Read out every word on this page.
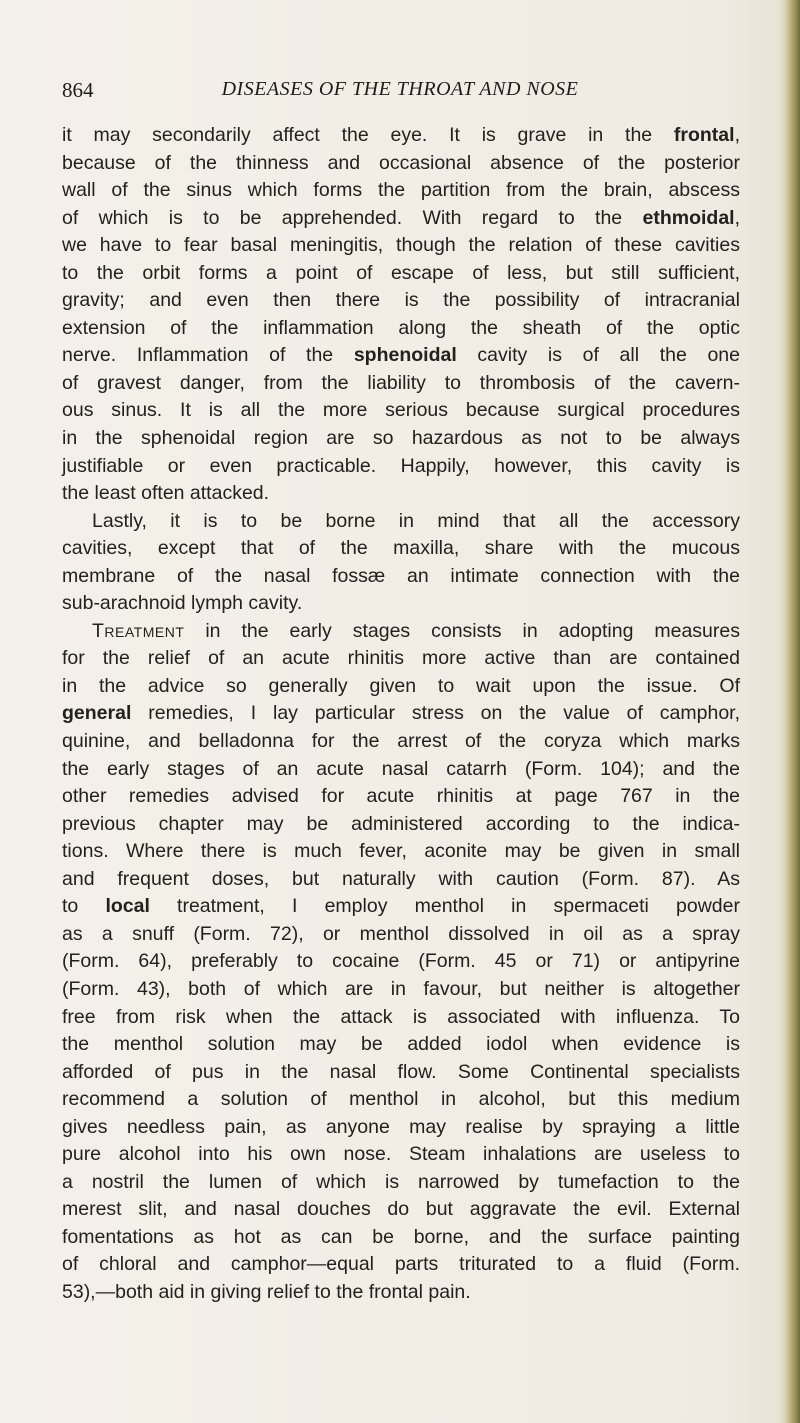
864	DISEASES OF THE THROAT AND NOSE
it may secondarily affect the eye. It is grave in the frontal,
because of the thinness and occasional absence of the posterior
wall of the sinus which forms the partition from the brain, abscess
of which is to be apprehended. With regard to the ethmoidal,
we have to fear basal meningitis, though the relation of these cavities
to the orbit forms a point of escape of less, but still sufficient,
gravity; and even then there is the possibility of intracranial
extension of the inflammation along the sheath of the optic
nerve. Inflammation of the sphenoidal cavity is of all the one
of gravest danger, from the liability to thrombosis of the cavern-
ous sinus. It is all the more serious because surgical procedures
in the sphenoidal region are so hazardous as not to be always
justifiable or even practicable. Happily, however, this cavity is
the least often attacked.
Lastly, it is to be borne in mind that all the accessory
cavities, except that of the maxilla, share with the mucous
membrane of the nasal fossæ an intimate connection with the
sub-arachnoid lymph cavity.
Treatment in the early stages consists in adopting measures
for the relief of an acute rhinitis more active than are contained
in the advice so generally given to wait upon the issue. Of
general remedies, I lay particular stress on the value of camphor,
quinine, and belladonna for the arrest of the coryza which marks
the early stages of an acute nasal catarrh (Form. 104); and the
other remedies advised for acute rhinitis at page 767 in the
previous chapter may be administered according to the indica-
tions. Where there is much fever, aconite may be given in small
and frequent doses, but naturally with caution (Form. 87). As
to local treatment, I employ menthol in spermaceti powder
as a snuff (Form. 72), or menthol dissolved in oil as a spray
(Form. 64), preferably to cocaine (Form. 45 or 71) or antipyrine
(Form. 43), both of which are in favour, but neither is altogether
free from risk when the attack is associated with influenza. To
the menthol solution may be added iodol when evidence is
afforded of pus in the nasal flow. Some Continental specialists
recommend a solution of menthol in alcohol, but this medium
gives needless pain, as anyone may realise by spraying a little
pure alcohol into his own nose. Steam inhalations are useless to
a nostril the lumen of which is narrowed by tumefaction to the
merest slit, and nasal douches do but aggravate the evil. External
fomentations as hot as can be borne, and the surface painting
of chloral and camphor—equal parts triturated to a fluid (Form.
53),—both aid in giving relief to the frontal pain.
